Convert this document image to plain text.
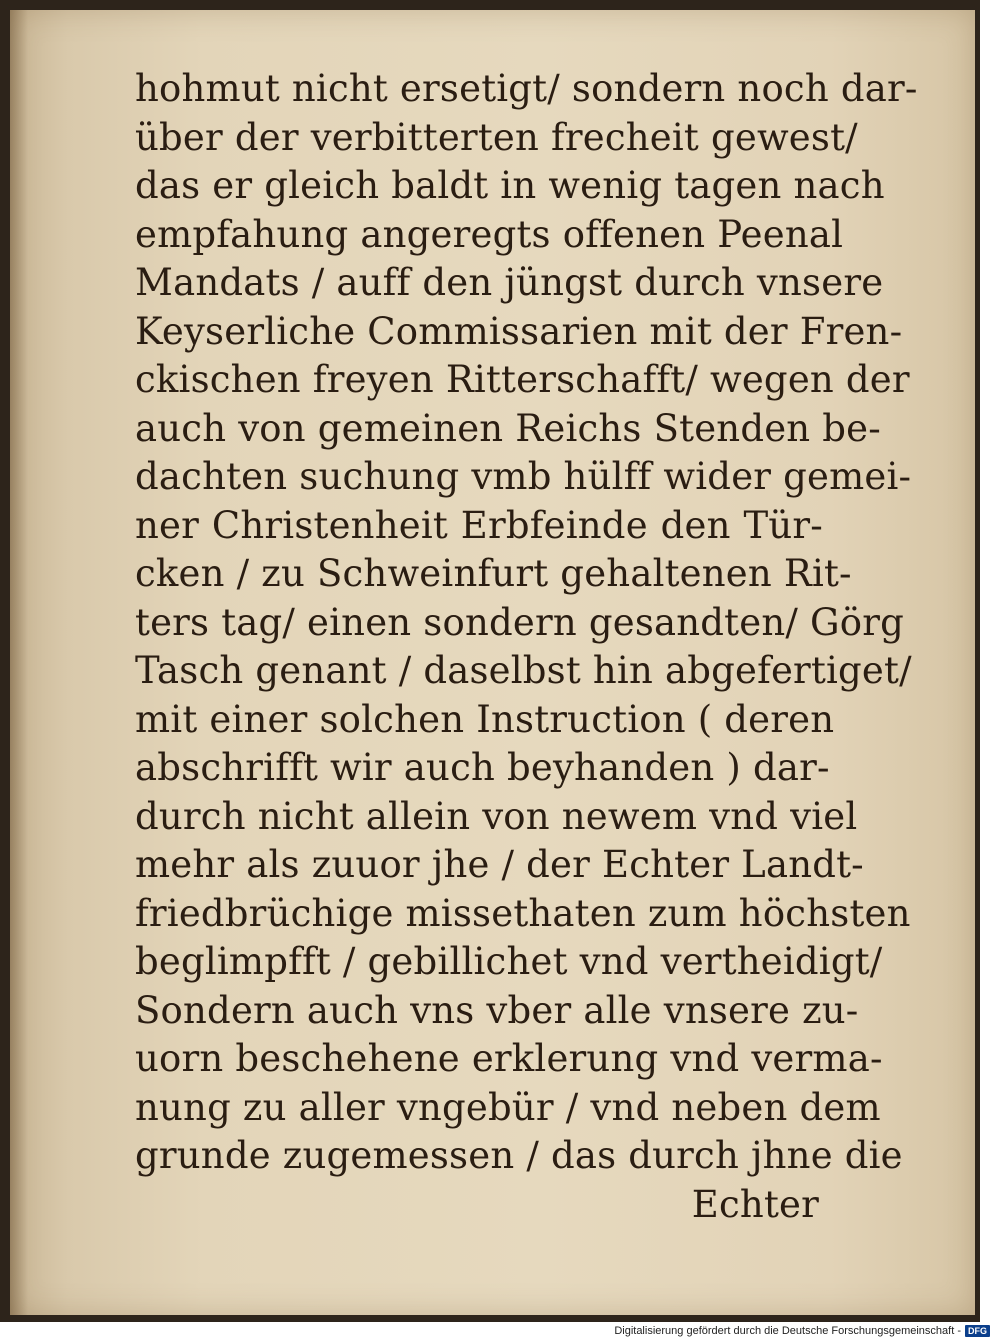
hohmut nicht ersetigt/ sondern noch dar-
über der verbitterten frecheit gewest/
das er gleich baldt in wenig tagen nach
empfahung angeregts offenen Peenal
Mandats / auff den jüngst durch vnsere
Keyserliche Commissarien mit der Fren-
ckischen freyen Ritterschafft/ wegen der
auch von gemeinen Reichs Stenden be-
dachten suchung vmb hülff wider gemei-
ner Christenheit Erbfeinde den Tür-
cken / zu Schweinfurt gehaltenen Rit-
ters tag/ einen sondern gesandten/ Görg
Tasch genant / daselbst hin abgefertiget/
mit einer solchen Instruction ( deren
abschrifft wir auch beyhanden ) dar-
durch nicht allein von newem vnd viel
mehr als zuuor jhe / der Echter Landt-
friedbrüchige missethaten zum höchsten
beglimpfft / gebillichet vnd vertheidigt/
Sondern auch vns vber alle vnsere zu-
uorn beschehene erklerung vnd verma-
nung zu aller vngebür / vnd neben dem
grunde zugemessen / das durch jhne die
Echter
Digitalisierung gefördert durch die Deutsche Forschungsgemeinschaft - DFG
